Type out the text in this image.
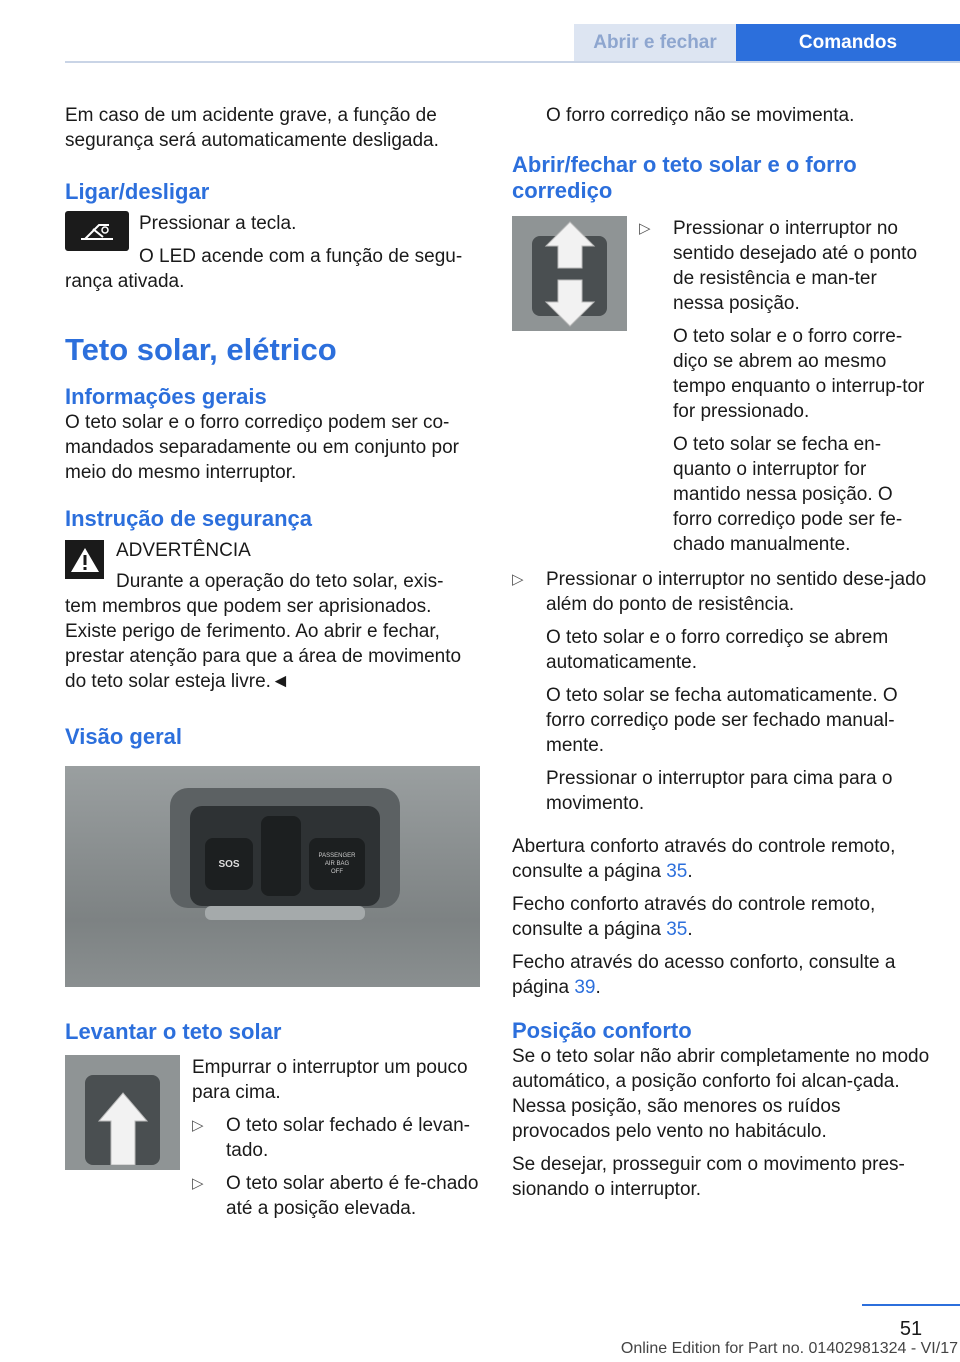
Abrir e fechar	Comandos

Em caso de um acidente grave, a função de segurança será automaticamente desligada.

Ligar/desligar

Pressionar a tecla.

O LED acende com a função de segu-

rança ativada.

Teto solar, elétrico
Informações gerais

O teto solar e o forro corrediço podem ser co-mandados separadamente ou em conjunto por meio do mesmo interruptor.

Instrução de segurança

ADVERTÊNCIA

Durante a operação do teto solar, exis-

tem membros que podem ser aprisionados. Existe perigo de ferimento. Ao abrir e fechar, prestar atenção para que a área de movimento do teto solar esteja livre.◄

Visão geral
SOS
PASSENGER
AIR BAG
OFF
Levantar o teto solar

Empurrar o interruptor um pouco para cima.

▷	O teto solar fechado é levan-tado.

▷	O teto solar aberto é fe-chado até a posição elevada.

O forro corrediço não se movimenta.

Abrir/fechar o teto solar e o forro corrediço
▷	Pressionar o interruptor no sentido desejado até o ponto de resistência e man-ter nessa posição.

O teto solar e o forro corre-diço se abrem ao mesmo tempo enquanto o interrup-tor for pressionado.

O teto solar se fecha en-quanto o interruptor for mantido nessa posição. O forro corrediço pode ser fe-chado manualmente.

▷	Pressionar o interruptor no sentido dese-jado além do ponto de resistência.

O teto solar e o forro corrediço se abrem automaticamente.

O teto solar se fecha automaticamente. O forro corrediço pode ser fechado manual-mente.

Pressionar o interruptor para cima para o movimento.

Abertura conforto através do controle remoto, consulte a página 35.

Fecho conforto através do controle remoto, consulte a página 35.

Fecho através do acesso conforto, consulte a página 39.

Posição conforto

Se o teto solar não abrir completamente no modo automático, a posição conforto foi alcan-çada. Nessa posição, são menores os ruídos provocados pelo vento no habitáculo.

Se desejar, prosseguir com o movimento pres-sionando o interruptor.

51
Online Edition for Part no. 01402981324 - VI/17
